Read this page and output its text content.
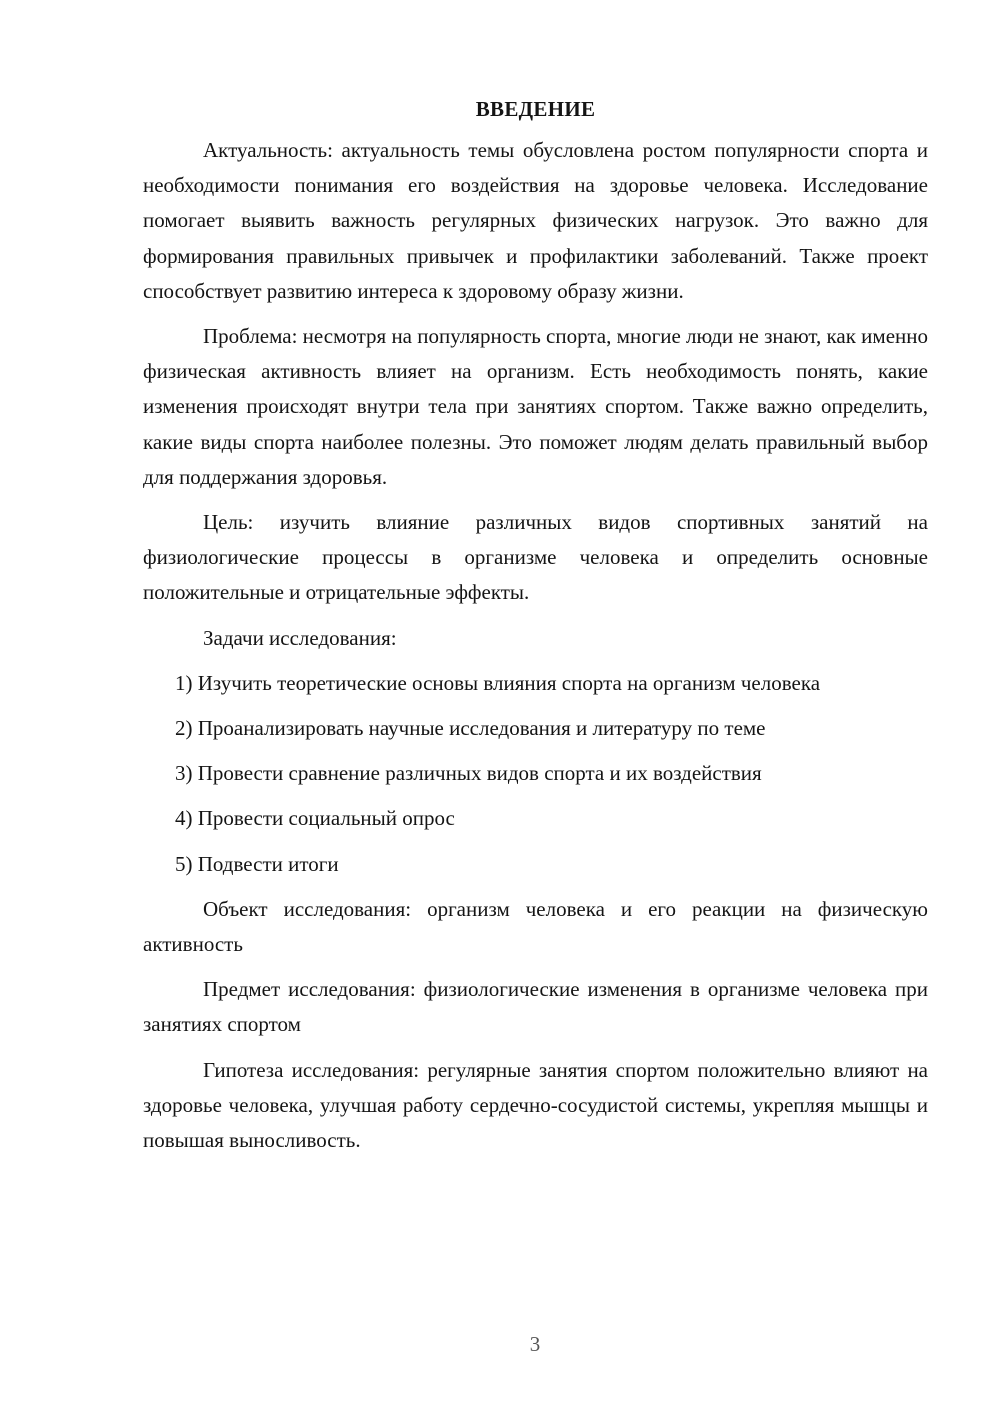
ВВЕДЕНИЕ

Актуальность: актуальность темы обусловлена ростом популярности спорта и необходимости понимания его воздействия на здоровье человека. Исследование помогает выявить важность регулярных физических нагрузок. Это важно для формирования правильных привычек и профилактики заболеваний. Также проект способствует развитию интереса к здоровому образу жизни.

Проблема: несмотря на популярность спорта, многие люди не знают, как именно физическая активность влияет на организм. Есть необходимость понять, какие изменения происходят внутри тела при занятиях спортом. Также важно определить, какие виды спорта наиболее полезны. Это поможет людям делать правильный выбор для поддержания здоровья.

Цель: изучить влияние различных видов спортивных занятий на физиологические процессы в организме человека и определить основные положительные и отрицательные эффекты.

Задачи исследования:

1) Изучить теоретические основы влияния спорта на организм человека
2) Проанализировать научные исследования и литературу по теме
3) Провести сравнение различных видов спорта и их воздействия
4) Провести социальный опрос
5) Подвести итоги

Объект исследования: организм человека и его реакции на физическую активность

Предмет исследования: физиологические изменения в организме человека при занятиях спортом

Гипотеза исследования: регулярные занятия спортом положительно влияют на здоровье человека, улучшая работу сердечно-сосудистой системы, укрепляя мышцы и повышая выносливость.

3
